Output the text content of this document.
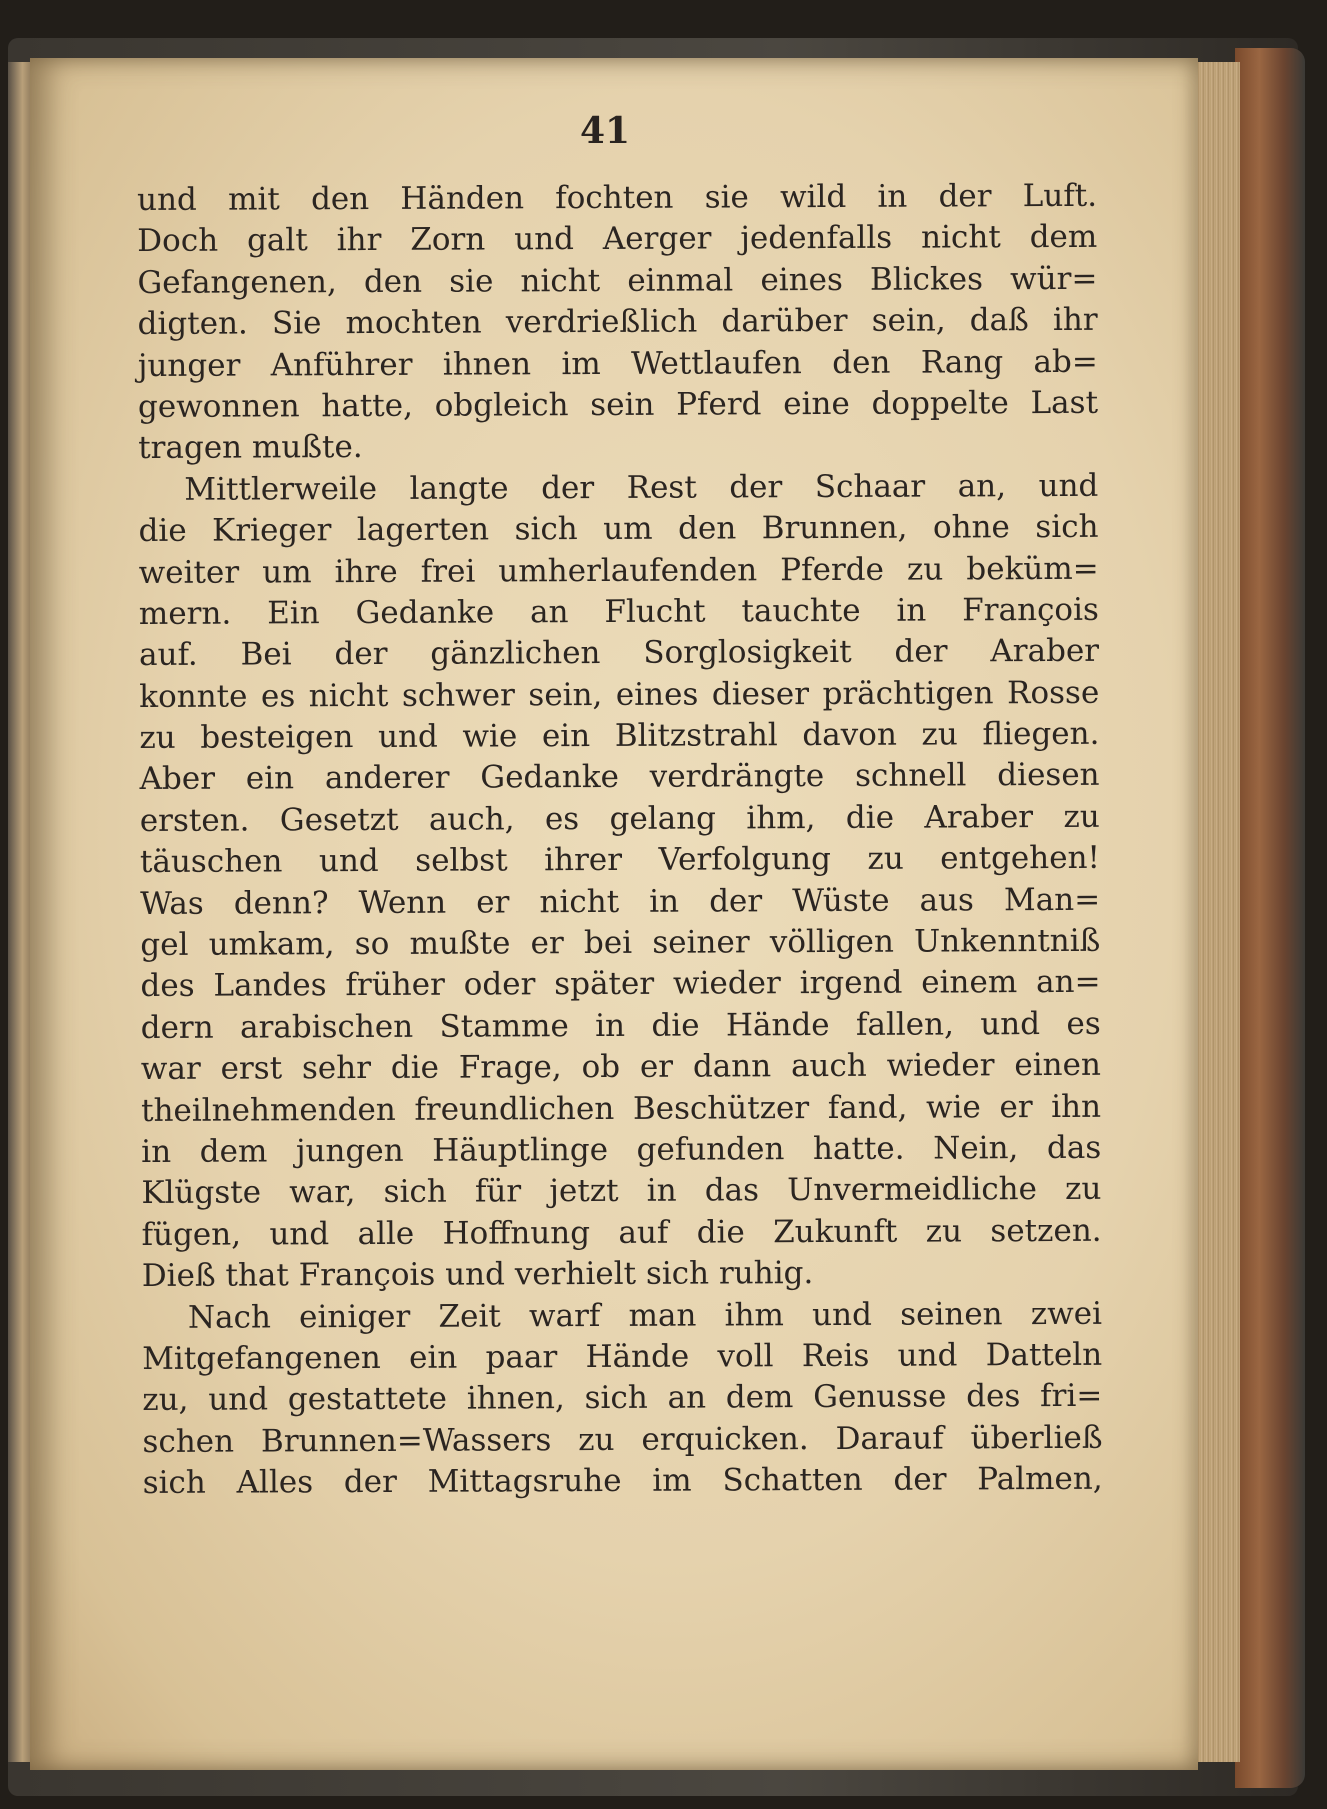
41
und mit den Händen fochten sie wild in der Luft.
Doch galt ihr Zorn und Aerger jedenfalls nicht dem
Gefangenen, den sie nicht einmal eines Blickes wür=
digten. Sie mochten verdrießlich darüber sein, daß ihr
junger Anführer ihnen im Wettlaufen den Rang ab=
gewonnen hatte, obgleich sein Pferd eine doppelte Last
tragen mußte.
Mittlerweile langte der Rest der Schaar an, und
die Krieger lagerten sich um den Brunnen, ohne sich
weiter um ihre frei umherlaufenden Pferde zu beküm=
mern. Ein Gedanke an Flucht tauchte in François
auf. Bei der gänzlichen Sorglosigkeit der Araber
konnte es nicht schwer sein, eines dieser prächtigen Rosse
zu besteigen und wie ein Blitzstrahl davon zu fliegen.
Aber ein anderer Gedanke verdrängte schnell diesen
ersten. Gesetzt auch, es gelang ihm, die Araber zu
täuschen und selbst ihrer Verfolgung zu entgehen!
Was denn? Wenn er nicht in der Wüste aus Man=
gel umkam, so mußte er bei seiner völligen Unkenntniß
des Landes früher oder später wieder irgend einem an=
dern arabischen Stamme in die Hände fallen, und es
war erst sehr die Frage, ob er dann auch wieder einen
theilnehmenden freundlichen Beschützer fand, wie er ihn
in dem jungen Häuptlinge gefunden hatte. Nein, das
Klügste war, sich für jetzt in das Unvermeidliche zu
fügen, und alle Hoffnung auf die Zukunft zu setzen.
Dieß that François und verhielt sich ruhig.
Nach einiger Zeit warf man ihm und seinen zwei
Mitgefangenen ein paar Hände voll Reis und Datteln
zu, und gestattete ihnen, sich an dem Genusse des fri=
schen Brunnen=Wassers zu erquicken. Darauf überließ
sich Alles der Mittagsruhe im Schatten der Palmen,
